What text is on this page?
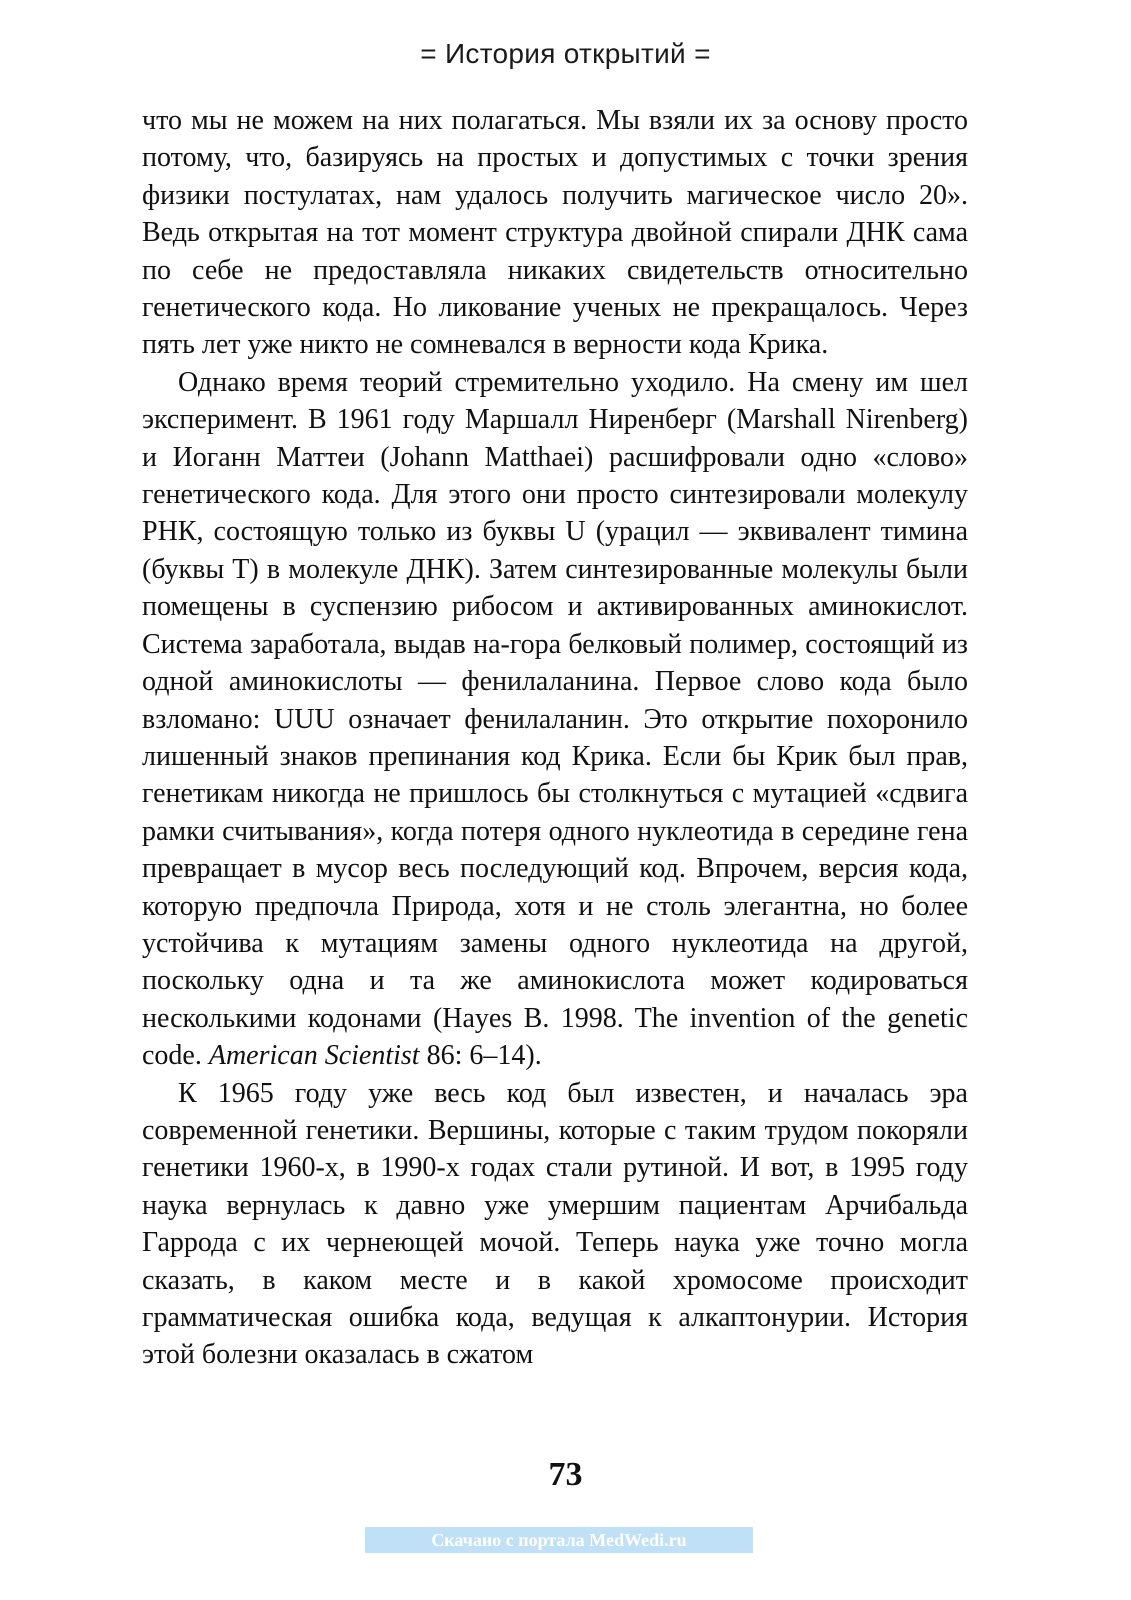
= История открытий =

что мы не можем на них полагаться. Мы взяли их за основу просто потому, что, базируясь на простых и допустимых с точки зрения физики постулатах, нам удалось получить магическое число 20». Ведь открытая на тот момент структура двойной спирали ДНК сама по себе не предоставляла никаких свидетельств относительно генетического кода. Но ликование ученых не прекращалось. Через пять лет уже никто не сомневался в верности кода Крика.

Однако время теорий стремительно уходило. На смену им шел эксперимент. В 1961 году Маршалл Ниренберг (Marshall Nirenberg) и Иоганн Маттеи (Johann Matthaei) расшифровали одно «слово» генетического кода. Для этого они просто синтезировали молекулу РНК, состоящую только из буквы U (урацил — эквивалент тимина (буквы Т) в молекуле ДНК). Затем синтезированные молекулы были помещены в суспензию рибосом и активированных аминокислот. Система заработала, выдав на-гора белковый полимер, состоящий из одной аминокислоты — фенилаланина. Первое слово кода было взломано: UUU означает фенилаланин. Это открытие похоронило лишенный знаков препинания код Крика. Если бы Крик был прав, генетикам никогда не пришлось бы столкнуться с мутацией «сдвига рамки считывания», когда потеря одного нуклеотида в середине гена превращает в мусор весь последующий код. Впрочем, версия кода, которую предпочла Природа, хотя и не столь элегантна, но более устойчива к мутациям замены одного нуклеотида на другой, поскольку одна и та же аминокислота может кодироваться несколькими кодонами (Hayes B. 1998. The invention of the genetic code. American Scientist 86: 6–14).

К 1965 году уже весь код был известен, и началась эра современной генетики. Вершины, которые с таким трудом покоряли генетики 1960-х, в 1990-х годах стали рутиной. И вот, в 1995 году наука вернулась к давно уже умершим пациентам Арчибальда Гаррода с их чернеющей мочой. Теперь наука уже точно могла сказать, в каком месте и в какой хромосоме происходит грамматическая ошибка кода, ведущая к алкаптонурии. История этой болезни оказалась в сжатом

73
Скачано с портала MedWedi.ru
